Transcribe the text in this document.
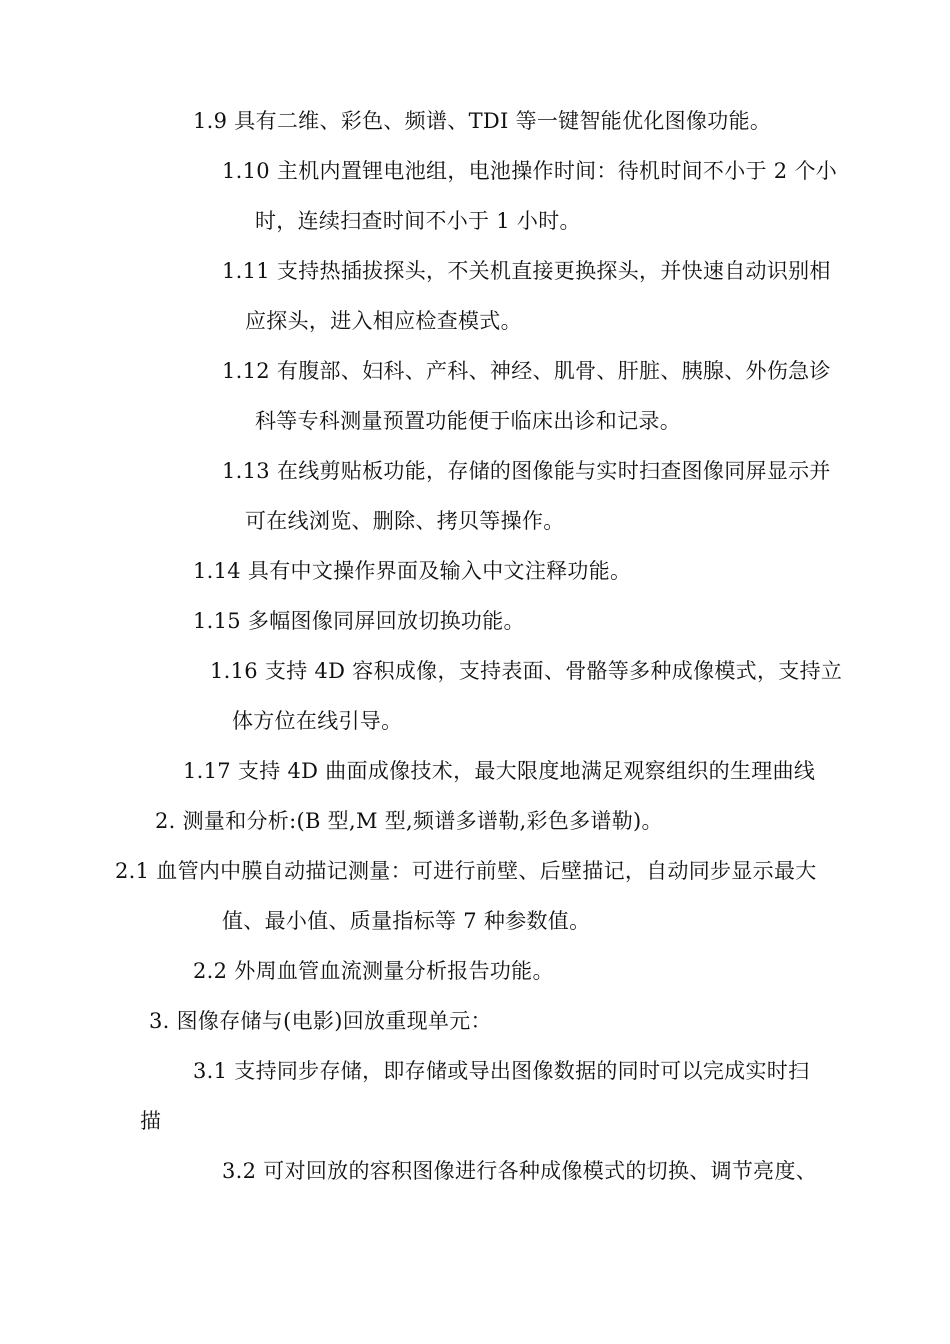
1.9 具有二维、彩色、频谱、TDI 等一键智能优化图像功能。
1.10 主机内置锂电池组，电池操作时间：待机时间不小于 2 个小
时，连续扫查时间不小于 1 小时。
1.11 支持热插拔探头，不关机直接更换探头，并快速自动识别相
应探头，进入相应检查模式。
1.12 有腹部、妇科、产科、神经、肌骨、肝脏、胰腺、外伤急诊
科等专科测量预置功能便于临床出诊和记录。
1.13 在线剪贴板功能，存储的图像能与实时扫查图像同屏显示并
可在线浏览、删除、拷贝等操作。
1.14 具有中文操作界面及输入中文注释功能。
1.15 多幅图像同屏回放切换功能。
1.16 支持 4D 容积成像，支持表面、骨骼等多种成像模式，支持立
体方位在线引导。
1.17 支持 4D 曲面成像技术，最大限度地满足观察组织的生理曲线
2. 测量和分析:(B 型,M 型,频谱多谱勒,彩色多谱勒)。
2.1 血管内中膜自动描记测量：可进行前壁、后壁描记，自动同步显示最大
值、最小值、质量指标等 7 种参数值。
2.2 外周血管血流测量分析报告功能。
3. 图像存储与(电影)回放重现单元：
3.1 支持同步存储，即存储或导出图像数据的同时可以完成实时扫
描
3.2 可对回放的容积图像进行各种成像模式的切换、调节亮度、
